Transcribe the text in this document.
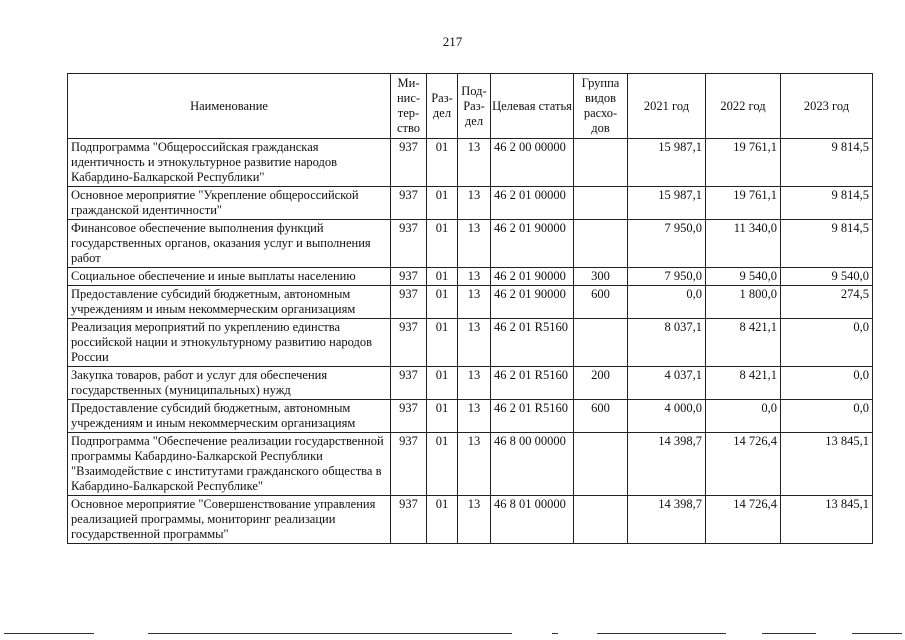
217
Наименование	Ми-нис-тер-ство	Раз-дел	Под-Раз-дел	Целевая статья	Группа видов расхо-дов	2021 год	2022 год	2023 год
Подпрограмма "Общероссийская гражданская идентичность и этнокультурное развитие народов Кабардино-Балкарской Республики"	937	01	13	46 2 00 00000		15 987,1	19 761,1	9 814,5
Основное мероприятие "Укрепление общероссийской гражданской идентичности"	937	01	13	46 2 01 00000		15 987,1	19 761,1	9 814,5
Финансовое обеспечение выполнения функций государственных органов, оказания услуг и выполнения работ	937	01	13	46 2 01 90000		7 950,0	11 340,0	9 814,5
Социальное обеспечение и иные выплаты населению	937	01	13	46 2 01 90000	300	7 950,0	9 540,0	9 540,0
Предоставление субсидий бюджетным, автономным учреждениям и иным некоммерческим организациям	937	01	13	46 2 01 90000	600	0,0	1 800,0	274,5
Реализация мероприятий по укреплению единства российской нации и этнокультурному развитию народов России	937	01	13	46 2 01 R5160		8 037,1	8 421,1	0,0
Закупка товаров, работ и услуг для обеспечения государственных (муниципальных) нужд	937	01	13	46 2 01 R5160	200	4 037,1	8 421,1	0,0
Предоставление субсидий бюджетным, автономным учреждениям и иным некоммерческим организациям	937	01	13	46 2 01 R5160	600	4 000,0	0,0	0,0
Подпрограмма "Обеспечение реализации государственной программы Кабардино-Балкарской Республики "Взаимодействие с институтами гражданского общества в Кабардино-Балкарской Республике"	937	01	13	46 8 00 00000		14 398,7	14 726,4	13 845,1
Основное мероприятие "Совершенствование управления реализацией программы, мониторинг реализации государственной программы"	937	01	13	46 8 01 00000		14 398,7	14 726,4	13 845,1
